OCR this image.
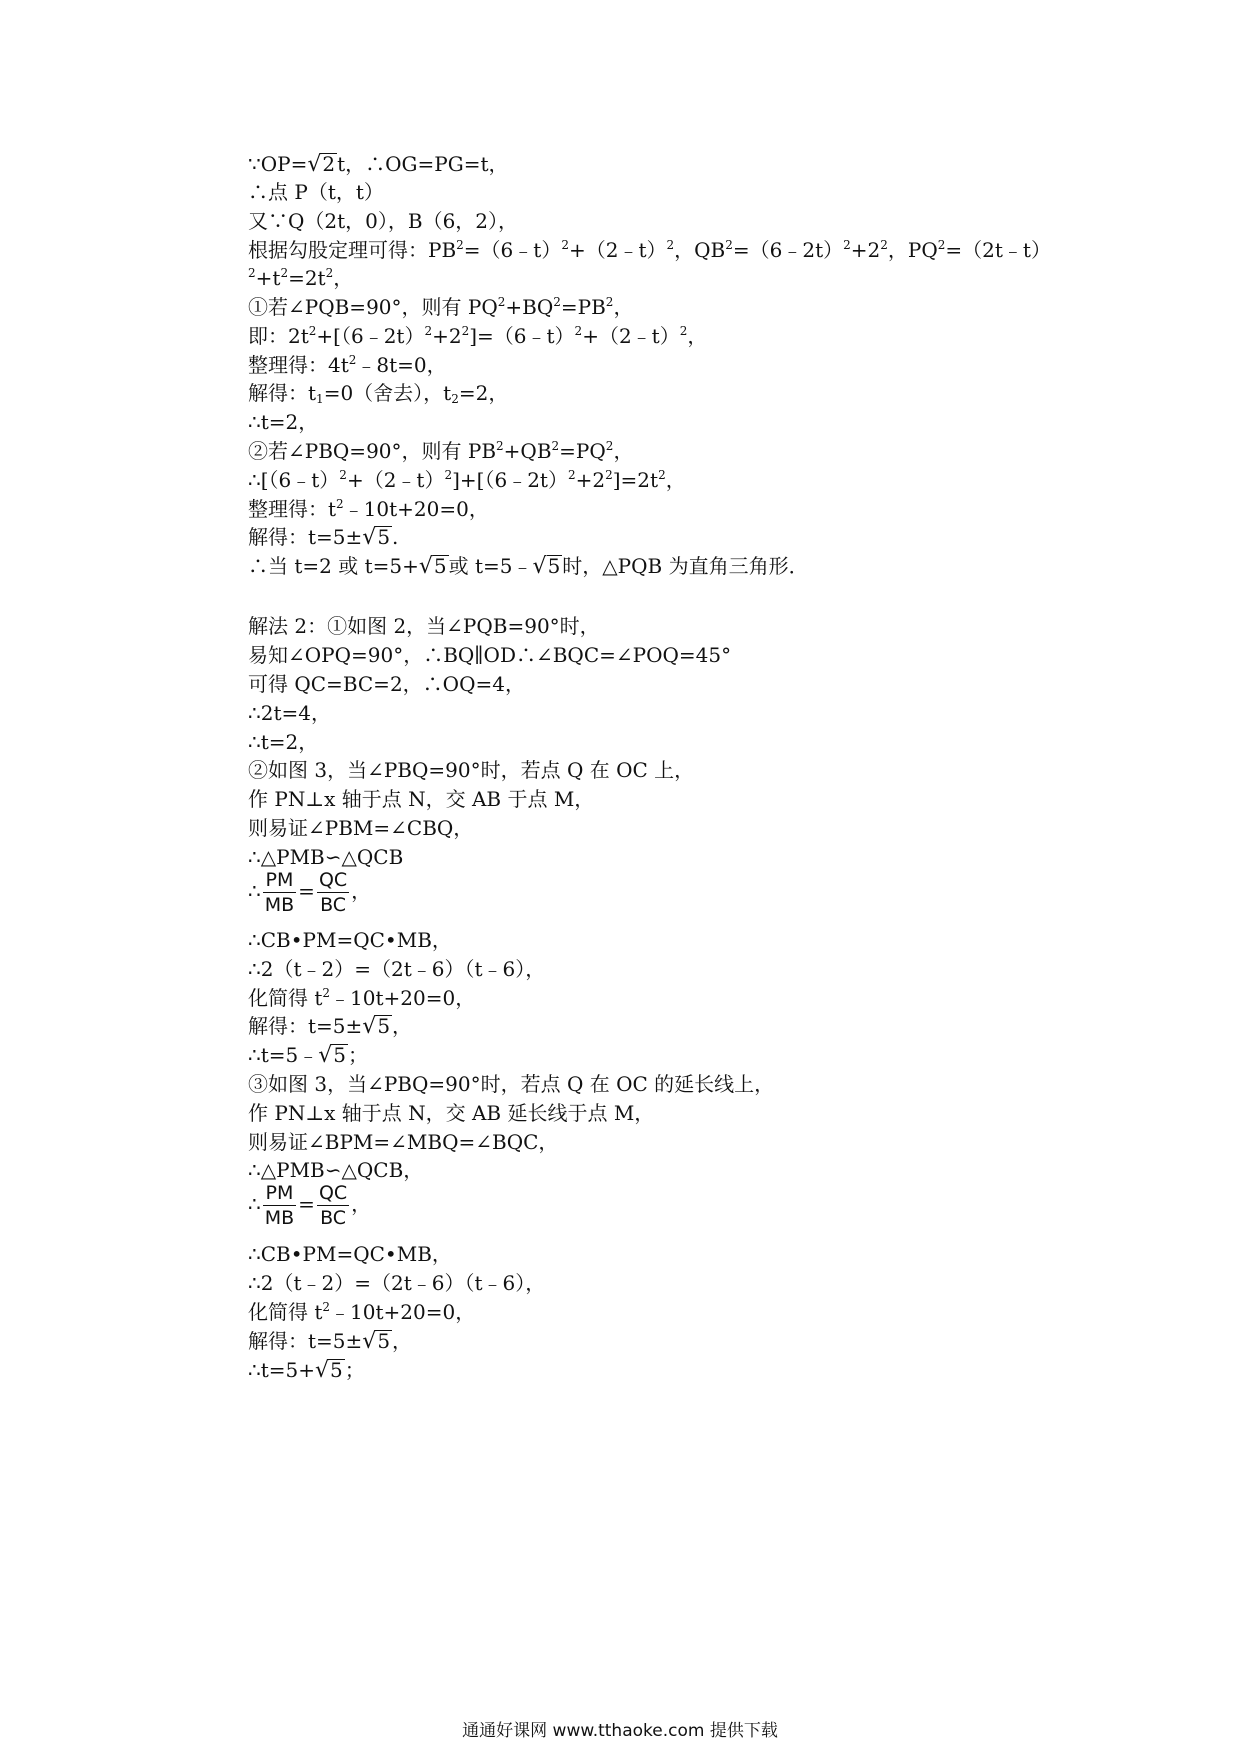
∵OP=√2 t，∴OG=PG=t，
∴点 P（t，t）
又∵Q（2t，0），B（6，2），
根据勾股定理可得：$PB^2=(6﹣t)^2+(2﹣t)^2$，$QB^2=(6﹣2t)^2+2^2$，$PQ^2=(2t﹣t)$
$^2+t^2=2t^2$，
①若∠PQB=90°，则有 $PQ^2+BQ^2=PB^2$，
即：$2t^2+[(6﹣2t)^2+2^2]=(6﹣t)^2+(2﹣t)^2$，
整理得：$4t^2﹣8t=0$，
解得：$t_1=0$（舍去），$t_2=2$，
∴t=2，
②若∠PBQ=90°，则有 $PB^2+QB^2=PQ^2$，
$\therefore[(6﹣t)^2+(2﹣t)^2]+[(6﹣2t)^2+2^2]=2t^2$，
整理得：$t^2﹣10t+20=0$，
解得：t=5±√5 .
∴当 t=2 或 t=5+√5 或 t=5﹣√5 时，△PQB 为直角三角形．
解法 2：①如图 2，当∠PQB=90°时，
易知∠OPQ=90°，∴BQ∥OD∴∠BQC=∠POQ=45°
可得 QC=BC=2，∴OQ=4，
∴2t=4，
∴t=2，
②如图 3，当∠PBQ=90°时，若点 Q 在 OC 上，
作 PN⊥x 轴于点 N，交 AB 于点 M，
则易证∠PBM=∠CBQ，
∴△PMB∽△QCB
∴ $\frac{PM}{MB} = \frac{QC}{BC}$ ，
∴CB•PM=QC•MB，
∴2（t﹣2）=（2t﹣6）（t﹣6），
化简得 $t^2﹣10t+20=0$，
解得：t=5±√5 ，
∴t=5﹣√5 ；
③如图 3，当∠PBQ=90°时，若点 Q 在 OC 的延长线上，
作 PN⊥x 轴于点 N，交 AB 延长线于点 M，
则易证∠BPM=∠MBQ=∠BQC，
∴△PMB∽△QCB，
∴ $\frac{PM}{MB} = \frac{QC}{BC}$ ，
∴CB•PM=QC•MB，
∴2（t﹣2）=（2t﹣6）（t﹣6），
化简得 $t^2﹣10t+20=0$，
解得：t=5±√5 ，
∴t=5+√5 ；
通通好课网 www.tthaoke.com 提供下载
